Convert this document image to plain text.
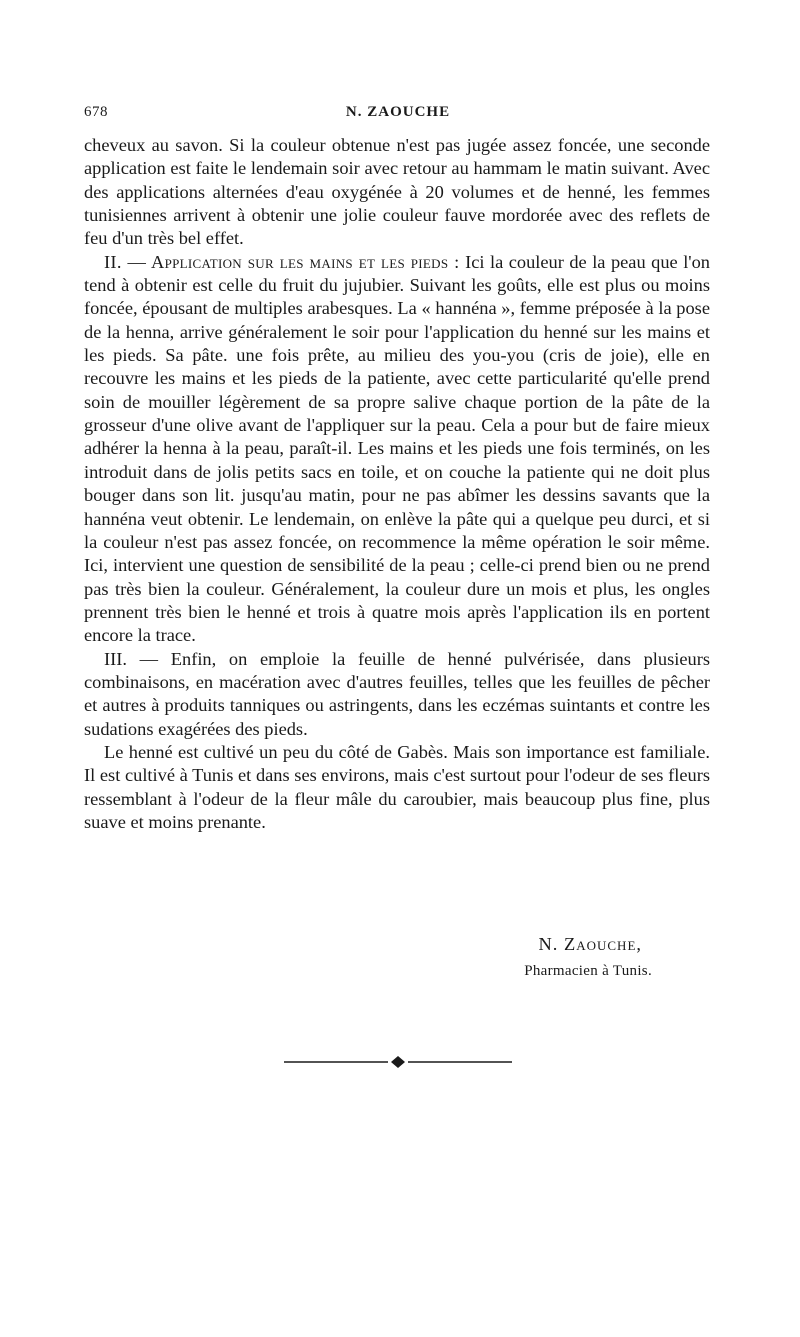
678	N. ZAOUCHE

cheveux au savon. Si la couleur obtenue n'est pas jugée assez foncée, une seconde application est faite le lendemain soir avec retour au hammam le matin suivant. Avec des applications alternées d'eau oxygénée à 20 volumes et de henné, les femmes tunisiennes arrivent à obtenir une jolie couleur fauve mordorée avec des reflets de feu d'un très bel effet.

II. — Application sur les mains et les pieds : Ici la couleur de la peau que l'on tend à obtenir est celle du fruit du jujubier. Suivant les goûts, elle est plus ou moins foncée, épousant de multiples arabesques. La « hannéna », femme préposée à la pose de la henna, arrive généralement le soir pour l'application du henné sur les mains et les pieds. Sa pâte. une fois prête, au milieu des you-you (cris de joie), elle en recouvre les mains et les pieds de la patiente, avec cette particularité qu'elle prend soin de mouiller légèrement de sa propre salive chaque portion de la pâte de la grosseur d'une olive avant de l'appliquer sur la peau. Cela a pour but de faire mieux adhérer la henna à la peau, paraît-il. Les mains et les pieds une fois terminés, on les introduit dans de jolis petits sacs en toile, et on couche la patiente qui ne doit plus bouger dans son lit. jusqu'au matin, pour ne pas abîmer les dessins savants que la hannéna veut obtenir. Le lendemain, on enlève la pâte qui a quelque peu durci, et si la couleur n'est pas assez foncée, on recommence la même opération le soir même. Ici, intervient une question de sensibilité de la peau ; celle-ci prend bien ou ne prend pas très bien la couleur. Généralement, la couleur dure un mois et plus, les ongles prennent très bien le henné et trois à quatre mois après l'application ils en portent encore la trace.

III. — Enfin, on emploie la feuille de henné pulvérisée, dans plusieurs combinaisons, en macération avec d'autres feuilles, telles que les feuilles de pêcher et autres à produits tanniques ou astringents, dans les eczémas suintants et contre les sudations exagérées des pieds.

Le henné est cultivé un peu du côté de Gabès. Mais son importance est familiale. Il est cultivé à Tunis et dans ses environs, mais c'est surtout pour l'odeur de ses fleurs ressemblant à l'odeur de la fleur mâle du caroubier, mais beaucoup plus fine, plus suave et moins prenante.

N. Zaouche,
Pharmacien à Tunis.
